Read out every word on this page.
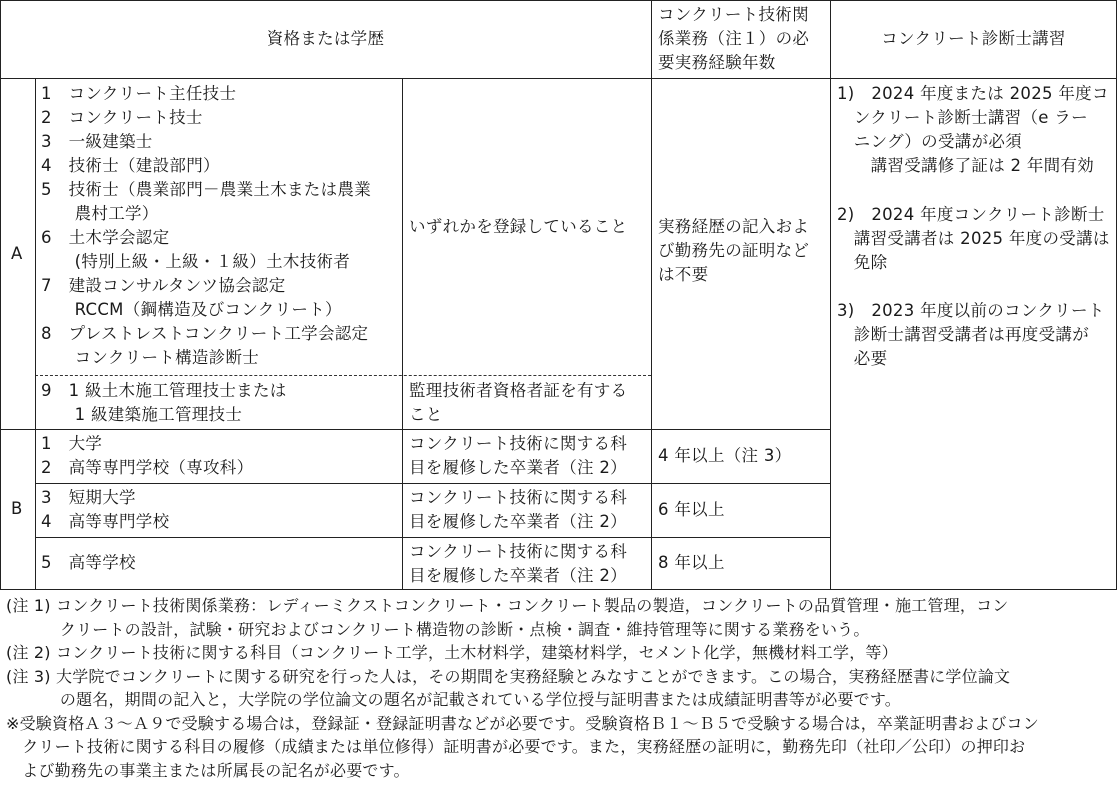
資格または学歴
コンクリート技術関
係業務（注１）の必
要実務経験年数
コンクリート診断士講習
A
1　コンクリート主任技士
2　コンクリート技士
3　一級建築士
4　技術士（建設部門）
5　技術士（農業部門－農業土木または農業
　　農村工学）
6　土木学会認定
　　(特別上級・上級・１級）土木技術者
7　建設コンサルタンツ協会認定
　　RCCM（鋼構造及びコンクリート）
8　プレストレストコンクリート工学会認定
　　コンクリート構造診断士
いずれかを登録していること 実務経歴の記入およ
び勤務先の証明など
は不要
9　1 級土木施工管理技士または
　　1 級建築施工管理技士
監理技術者資格者証を有する
こと
B
1　大学
2　高等専門学校（専攻科）
コンクリート技術に関する科
目を履修した卒業者（注 2）
4 年以上（注 3）
3　短期大学
4　高等専門学校
コンクリート技術に関する科
目を履修した卒業者（注 2）
6 年以上
5　高等学校
コンクリート技術に関する科
目を履修した卒業者（注 2）
8 年以上
1)　2024 年度または 2025 年度コ
　ンクリート診断士講習（e ラー
　ニング）の受講が必須
　　講習受講修了証は 2 年間有効
2)　2024 年度コンクリート診断士
　講習受講者は 2025 年度の受講は
　免除
3)　2023 年度以前のコンクリート
　診断士講習受講者は再度受講が
　必要
(注 1) コンクリート技術関係業務：レディーミクストコンクリート・コンクリート製品の製造，コンクリートの品質管理・施工管理，コン
　　　 クリートの設計，試験・研究およびコンクリート構造物の診断・点検・調査・維持管理等に関する業務をいう。
(注 2) コンクリート技術に関する科目（コンクリート工学，土木材料学，建築材料学，セメント化学，無機材料工学，等）
(注 3) 大学院でコンクリートに関する研究を行った人は，その期間を実務経験とみなすことができます。この場合，実務経歴書に学位論文
　　　 の題名，期間の記入と，大学院の学位論文の題名が記載されている学位授与証明書または成績証明書等が必要です。
※受験資格Ａ３～Ａ９で受験する場合は，登録証・登録証明書などが必要です。受験資格Ｂ１～Ｂ５で受験する場合は，卒業証明書およびコン
　クリート技術に関する科目の履修（成績または単位修得）証明書が必要です。また，実務経歴の証明に，勤務先印（社印／公印）の押印お
　よび勤務先の事業主または所属長の記名が必要です。
